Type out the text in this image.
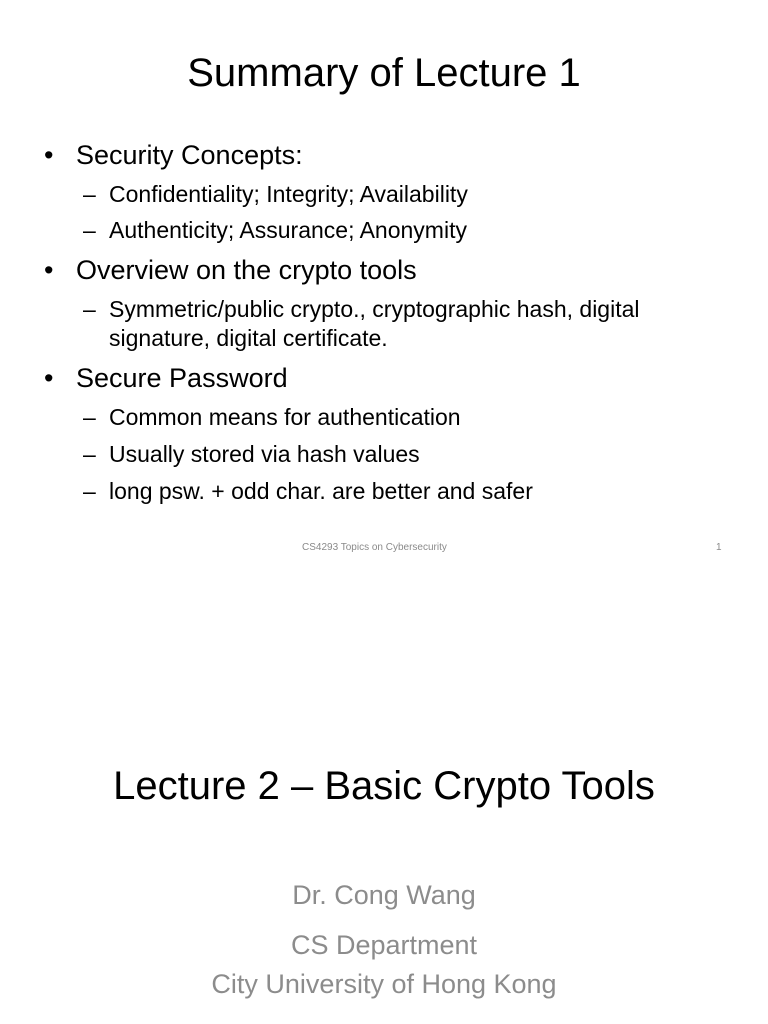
Summary of Lecture 1
• Security Concepts:
– Confidentiality; Integrity; Availability
– Authenticity; Assurance; Anonymity
• Overview on the crypto tools
– Symmetric/public crypto., cryptographic hash, digital signature, digital certificate.
• Secure Password
– Common means for authentication
– Usually stored via hash values
– long psw. + odd char. are better and safer
CS4293 Topics on Cybersecurity	1
Lecture 2 – Basic Crypto Tools
Dr. Cong Wang
CS Department
City University of Hong Kong
